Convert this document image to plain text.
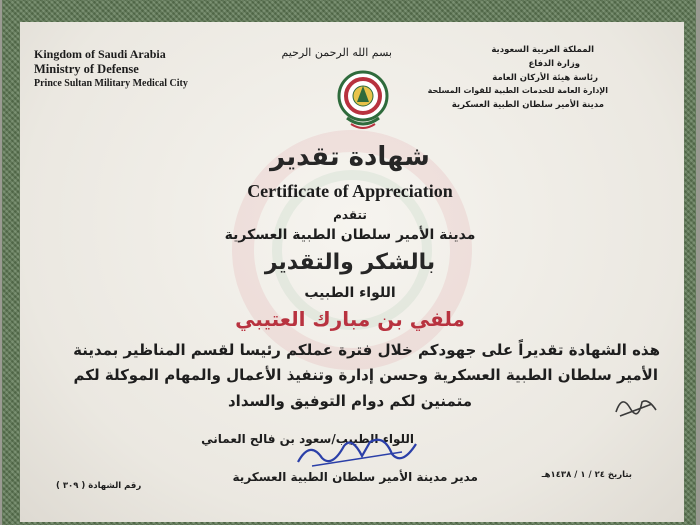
Kingdom of Saudi Arabia
Ministry of Defense
Prince Sultan Military Medical City
المملكة العربية السعودية
وزارة الدفاع
رئاسة هيئة الأركان العامة
الإدارة العامة للخدمات الطبية للقوات المسلحة
مدينة الأمير سلطان الطبية العسكرية
بسم الله الرحمن الرحيم
شهادة تقدير
Certificate of Appreciation
تتقدم
مدينة الأمير سلطان الطبية العسكرية
بالشكر والتقدير
اللواء الطبيب
ملفي بن مبارك العتيبي
هذه الشهادة تقديراً على جهودكم خلال فترة عملكم رئيسا لقسم المناظير بمدينة
الأمير سلطان الطبية العسكرية وحسن إدارة وتنفيذ الأعمال والمهام الموكلة لكم
متمنين لكم دوام التوفيق والسداد
اللواء الطبيب/سعود بن فالح العماني
مدير مدينة الأمير سلطان الطبية العسكرية	بتاريخ ٢٤ / ١ / ١٤٣٨هـ
رقم الشهادة ( ٣٠٩ )
